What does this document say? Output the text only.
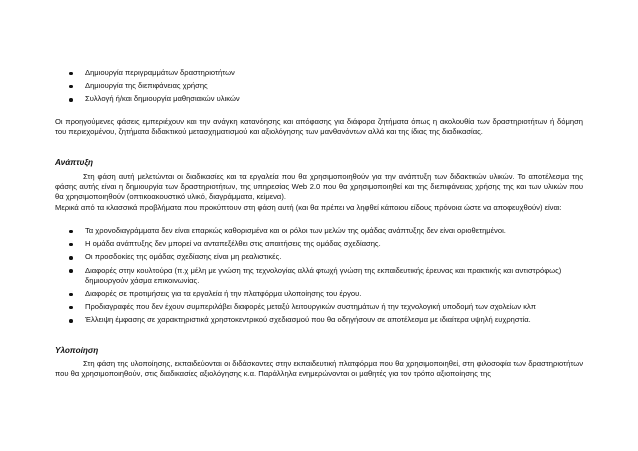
Δημιουργία περιγραμμάτων δραστηριοτήτων
Δημιουργία της διεπιφάνειας χρήσης
Συλλογή ή/και δημιουργία μαθησιακών υλικών

Οι προηγούμενες φάσεις εμπεριέχουν και την ανάγκη κατανόησης και απόφασης για διάφορα ζητήματα όπως η ακολουθία των δραστηριοτήτων ή δόμηση του περιεχομένου, ζητήματα διδακτικού μετασχηματισμού και αξιολόγησης των μανθανόντων αλλά και της ίδιας της διαδικασίας.

Ανάπτυξη

Στη φάση αυτή μελετώνται οι διαδικασίες και τα εργαλεία που θα χρησιμοποιηθούν για την ανάπτυξη των διδακτικών υλικών. Το αποτέλεσμα της φάσης αυτής είναι η δημιουργία των δραστηριοτήτων, της υπηρεσίας Web 2.0 που θα χρησιμοποιηθεί και της διεπιφάνειας χρήσης της και των υλικών που θα χρησιμοποιηθούν (οπτικοακουστικό υλικό, διαγράμματα, κείμενα).

Μερικά από τα κλασσικά προβλήματα που προκύπτουν στη φάση αυτή (και θα πρέπει να ληφθεί κάποιου είδους πρόνοια ώστε να αποφευχθούν) είναι:

Τα χρονοδιαγράμματα δεν είναι επαρκώς καθορισμένα και οι ρόλοι των μελών της ομάδας ανάπτυξης δεν είναι οριοθετημένοι.
Η ομάδα ανάπτυξης δεν μπορεί να ανταπεξέλθει στις απαιτήσεις της ομάδας σχεδίασης.
Οι προσδοκίες της ομάδας σχεδίασης είναι μη ρεαλιστικές.
Διαφορές στην κουλτούρα (π.χ μέλη με γνώση της τεχνολογίας αλλά φτωχή γνώση της εκπαιδευτικής έρευνας και πρακτικής και αντιστρόφως) δημιουργούν χάσμα επικοινωνίας.
Διαφορές σε προτιμήσεις για τα εργαλεία ή την πλατφόρμα υλοποίησης του έργου.
Προδιαγραφές που δεν έχουν συμπεριλάβει διαφορές μεταξύ λειτουργικών συστημάτων ή την τεχνολογική υποδομή των σχολείων κλπ
Έλλειψη έμφασης σε χαρακτηριστικά χρηστοκεντρικού σχεδιασμού που θα οδηγήσουν σε αποτέλεσμα με ιδιαίτερα υψηλή ευχρηστία.
Υλοποίηση

Στη φάση της υλοποίησης, εκπαιδεύονται οι διδάσκοντες στην εκπαιδευτική πλατφόρμα που θα χρησιμοποιηθεί, στη φιλοσοφία των δραστηριοτήτων που θα χρησιμοποιηθούν, στις διαδικασίες αξιολόγησης κ.α. Παράλληλα ενημερώνονται οι μαθητές για τον τρόπο αξιοποίησης της
